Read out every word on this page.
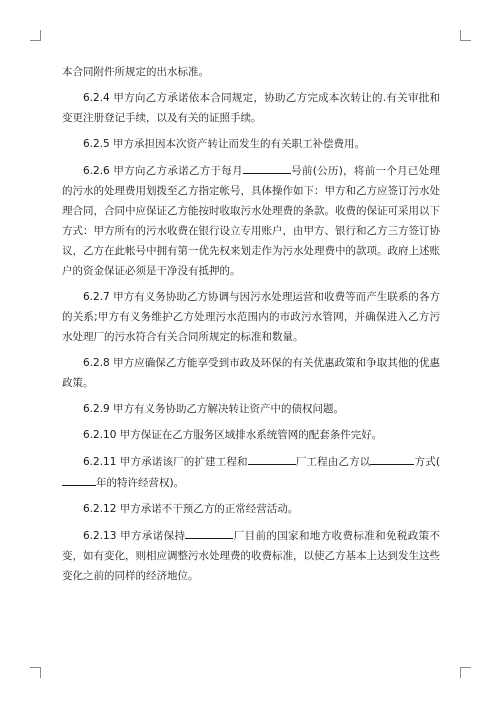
本合同附件所规定的出水标准。

6.2.4 甲方向乙方承诺依本合同规定，协助乙方完成本次转让的.有关审批和变更注册登记手续，以及有关的证照手续。

6.2.5 甲方承担因本次资产转让而发生的有关职工补偿费用。

6.2.6 甲方向乙方承诺乙方于每月	号前(公历)，将前一个月已处理的污水的处理费用划拨至乙方指定帐号，具体操作如下：甲方和乙方应签订污水处理合同，合同中应保证乙方能按时收取污水处理费的条款。收费的保证可采用以下方式：甲方所有的污水收费在银行设立专用账户，由甲方、银行和乙方三方签订协议，乙方在此帐号中拥有第一优先权来划走作为污水处理费中的款项。政府上述账户的资金保证必须是干净没有抵押的。

6.2.7 甲方有义务协助乙方协调与因污水处理运营和收费等而产生联系的各方的关系;甲方有义务维护乙方处理污水范围内的市政污水管网，并确保进入乙方污水处理厂的污水符合有关合同所规定的标准和数量。

6.2.8 甲方应确保乙方能享受到市政及环保的有关优惠政策和争取其他的优惠政策。

6.2.9 甲方有义务协助乙方解决转让资产中的债权问题。

6.2.10 甲方保证在乙方服务区域排水系统管网的配套条件完好。

6.2.11 甲方承诺该厂的扩建工程和	厂工程由乙方以	方式(年的特许经营权)。

6.2.12 甲方承诺不干预乙方的正常经营活动。

6.2.13 甲方承诺保持	厂目前的国家和地方收费标准和免税政策不变，如有变化，则相应调整污水处理费的收费标准，以使乙方基本上达到发生这些变化之前的同样的经济地位。
